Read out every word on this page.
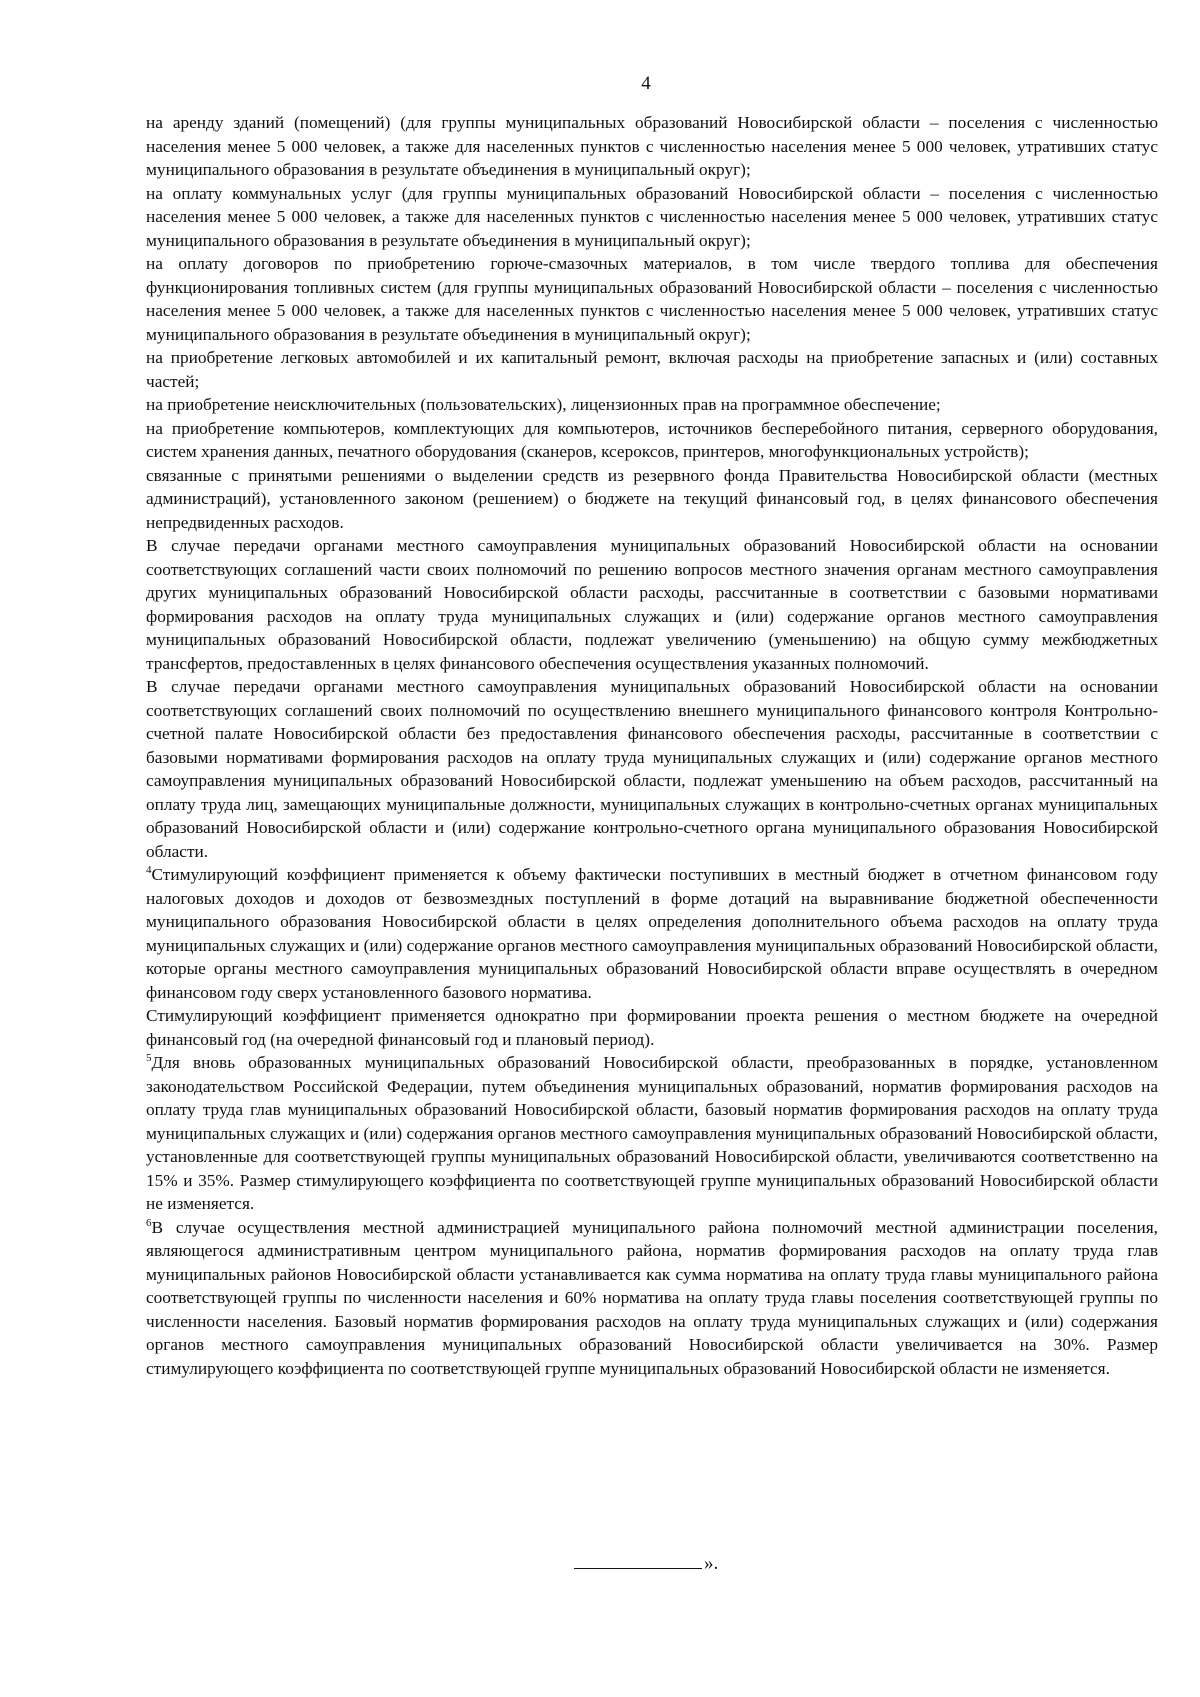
4

на аренду зданий (помещений) (для группы муниципальных образований Новосибирской области – поселения с численностью населения менее 5 000 человек, а также для населенных пунктов с численностью населения менее 5 000 человек, утративших статус муниципального образования в результате объединения в муниципальный округ);

на оплату коммунальных услуг (для группы муниципальных образований Новосибирской области – поселения с численностью населения менее 5 000 человек, а также для населенных пунктов с численностью населения менее 5 000 человек, утративших статус муниципального образования в результате объединения в муниципальный округ);

на оплату договоров по приобретению горюче-смазочных материалов, в том числе твердого топлива для обеспечения функционирования топливных систем (для группы муниципальных образований Новосибирской области – поселения с численностью населения менее 5 000 человек, а также для населенных пунктов с численностью населения менее 5 000 человек, утративших статус муниципального образования в результате объединения в муниципальный округ);

на приобретение легковых автомобилей и их капитальный ремонт, включая расходы на приобретение запасных и (или) составных частей;

на приобретение неисключительных (пользовательских), лицензионных прав на программное обеспечение;

на приобретение компьютеров, комплектующих для компьютеров, источников бесперебойного питания, серверного оборудования, систем хранения данных, печатного оборудования (сканеров, ксероксов, принтеров, многофункциональных устройств);

связанные с принятыми решениями о выделении средств из резервного фонда Правительства Новосибирской области (местных администраций), установленного законом (решением) о бюджете на текущий финансовый год, в целях финансового обеспечения непредвиденных расходов.

В случае передачи органами местного самоуправления муниципальных образований Новосибирской области на основании соответствующих соглашений части своих полномочий по решению вопросов местного значения органам местного самоуправления других муниципальных образований Новосибирской области расходы, рассчитанные в соответствии с базовыми нормативами формирования расходов на оплату труда муниципальных служащих и (или) содержание органов местного самоуправления муниципальных образований Новосибирской области, подлежат увеличению (уменьшению) на общую сумму межбюджетных трансфертов, предоставленных в целях финансового обеспечения осуществления указанных полномочий.

В случае передачи органами местного самоуправления муниципальных образований Новосибирской области на основании соответствующих соглашений своих полномочий по осуществлению внешнего муниципального финансового контроля Контрольно-счетной палате Новосибирской области без предоставления финансового обеспечения расходы, рассчитанные в соответствии с базовыми нормативами формирования расходов на оплату труда муниципальных служащих и (или) содержание органов местного самоуправления муниципальных образований Новосибирской области, подлежат уменьшению на объем расходов, рассчитанный на оплату труда лиц, замещающих муниципальные должности, муниципальных служащих в контрольно-счетных органах муниципальных образований Новосибирской области и (или) содержание контрольно-счетного органа муниципального образования Новосибирской области.

$^4$Стимулирующий коэффициент применяется к объему фактически поступивших в местный бюджет в отчетном финансовом году налоговых доходов и доходов от безвозмездных поступлений в форме дотаций на выравнивание бюджетной обеспеченности муниципального образования Новосибирской области в целях определения дополнительного объема расходов на оплату труда муниципальных служащих и (или) содержание органов местного самоуправления муниципальных образований Новосибирской области, которые органы местного самоуправления муниципальных образований Новосибирской области вправе осуществлять в очередном финансовом году сверх установленного базового норматива.

Стимулирующий коэффициент применяется однократно при формировании проекта решения о местном бюджете на очередной финансовый год (на очередной финансовый год и плановый период).

$^5$Для вновь образованных муниципальных образований Новосибирской области, преобразованных в порядке, установленном законодательством Российской Федерации, путем объединения муниципальных образований, норматив формирования расходов на оплату труда глав муниципальных образований Новосибирской области, базовый норматив формирования расходов на оплату труда муниципальных служащих и (или) содержания органов местного самоуправления муниципальных образований Новосибирской области, установленные для соответствующей группы муниципальных образований Новосибирской области, увеличиваются соответственно на 15% и 35%. Размер стимулирующего коэффициента по соответствующей группе муниципальных образований Новосибирской области не изменяется.

$^6$В случае осуществления местной администрацией муниципального района полномочий местной администрации поселения, являющегося административным центром муниципального района, норматив формирования расходов на оплату труда глав муниципальных районов Новосибирской области устанавливается как сумма норматива на оплату труда главы муниципального района соответствующей группы по численности населения и 60% норматива на оплату труда главы поселения соответствующей группы по численности населения. Базовый норматив формирования расходов на оплату труда муниципальных служащих и (или) содержания органов местного самоуправления муниципальных образований Новосибирской области увеличивается на 30%. Размер стимулирующего коэффициента по соответствующей группе муниципальных образований Новосибирской области не изменяется.

».
